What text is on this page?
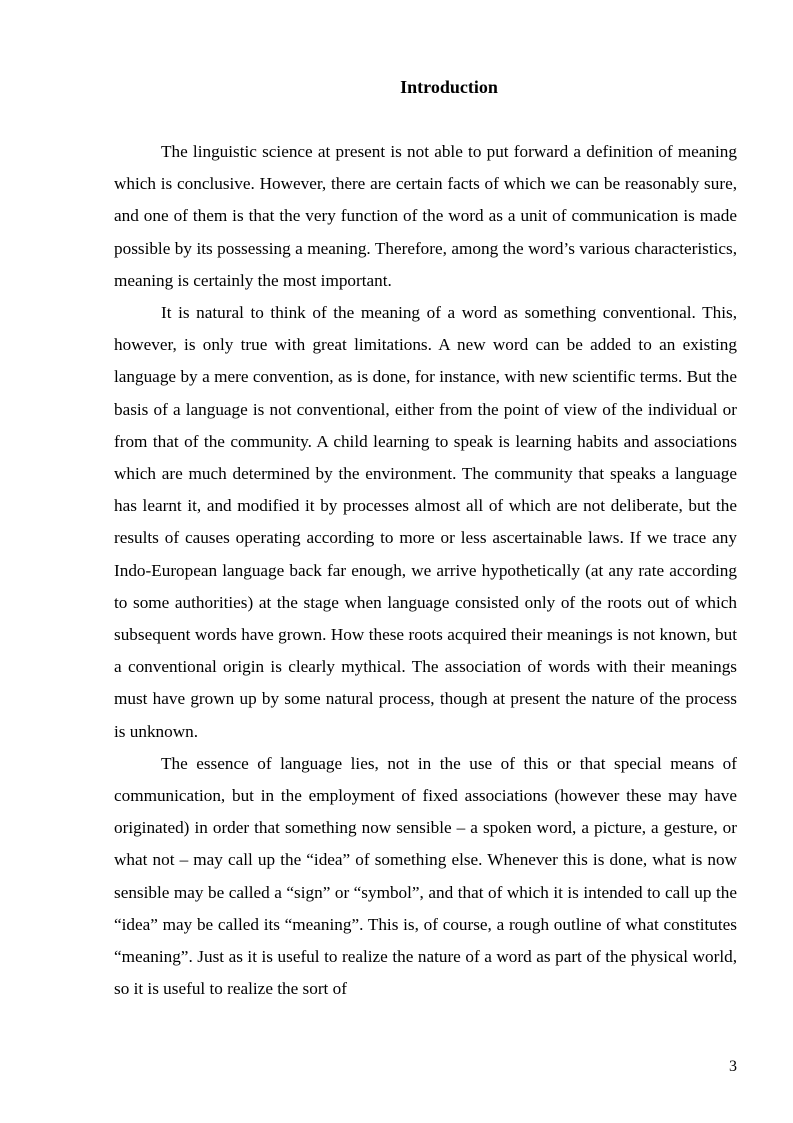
Introduction

The linguistic science at present is not able to put forward a definition of meaning which is conclusive. However, there are certain facts of which we can be reasonably sure, and one of them is that the very function of the word as a unit of communication is made possible by its possessing a meaning. Therefore, among the word’s various characteristics, meaning is certainly the most important.

It is natural to think of the meaning of a word as something conventional. This, however, is only true with great limitations. A new word can be added to an existing language by a mere convention, as is done, for instance, with new scientific terms. But the basis of a language is not conventional, either from the point of view of the individual or from that of the community. A child learning to speak is learning habits and associations which are much determined by the environment. The community that speaks a language has learnt it, and modified it by processes almost all of which are not deliberate, but the results of causes operating according to more or less ascertainable laws. If we trace any Indo-European language back far enough, we arrive hypothetically (at any rate according to some authorities) at the stage when language consisted only of the roots out of which subsequent words have grown. How these roots acquired their meanings is not known, but a conventional origin is clearly mythical. The association of words with their meanings must have grown up by some natural process, though at present the nature of the process is unknown.

The essence of language lies, not in the use of this or that special means of communication, but in the employment of fixed associations (however these may have originated) in order that something now sensible – a spoken word, a picture, a gesture, or what not – may call up the “idea” of something else. Whenever this is done, what is now sensible may be called a “sign” or “symbol”, and that of which it is intended to call up the “idea” may be called its “meaning”. This is, of course, a rough outline of what constitutes “meaning”. Just as it is useful to realize the nature of a word as part of the physical world, so it is useful to realize the sort of

3
